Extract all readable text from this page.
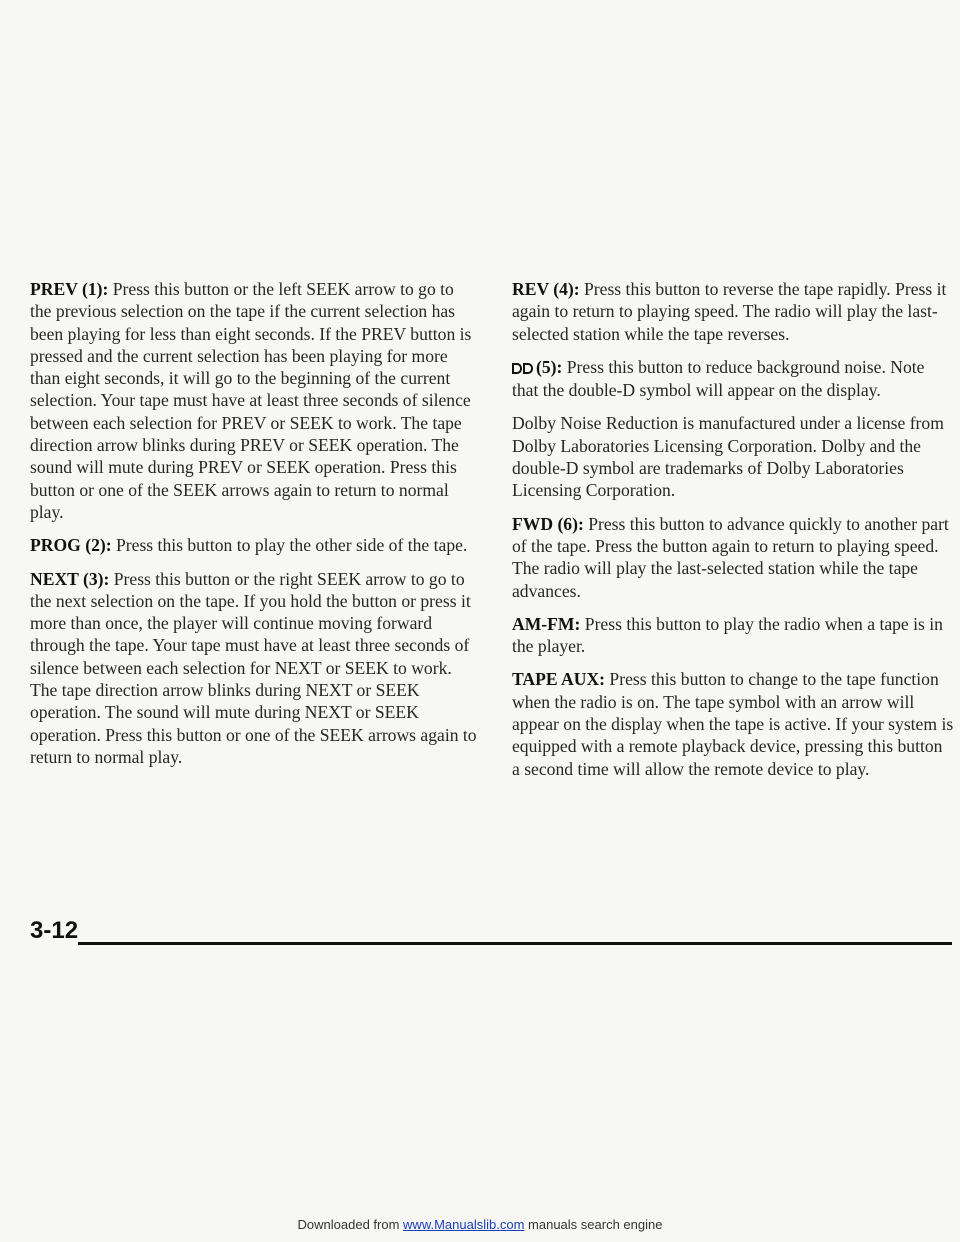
PREV (1): Press this button or the left SEEK arrow to go to the previous selection on the tape if the current selection has been playing for less than eight seconds. If the PREV button is pressed and the current selection has been playing for more than eight seconds, it will go to the beginning of the current selection. Your tape must have at least three seconds of silence between each selection for PREV or SEEK to work. The tape direction arrow blinks during PREV or SEEK operation. The sound will mute during PREV or SEEK operation. Press this button or one of the SEEK arrows again to return to normal play.

PROG (2): Press this button to play the other side of the tape.

NEXT (3): Press this button or the right SEEK arrow to go to the next selection on the tape. If you hold the button or press it more than once, the player will continue moving forward through the tape. Your tape must have at least three seconds of silence between each selection for NEXT or SEEK to work. The tape direction arrow blinks during NEXT or SEEK operation. The sound will mute during NEXT or SEEK operation. Press this button or one of the SEEK arrows again to return to normal play.

REV (4): Press this button to reverse the tape rapidly. Press it again to return to playing speed. The radio will play the last-selected station while the tape reverses.

(5): Press this button to reduce background noise. Note that the double-D symbol will appear on the display.

Dolby Noise Reduction is manufactured under a license from Dolby Laboratories Licensing Corporation. Dolby and the double-D symbol are trademarks of Dolby Laboratories Licensing Corporation.

FWD (6): Press this button to advance quickly to another part of the tape. Press the button again to return to playing speed. The radio will play the last-selected station while the tape advances.

AM-FM: Press this button to play the radio when a tape is in the player.

TAPE AUX: Press this button to change to the tape function when the radio is on. The tape symbol with an arrow will appear on the display when the tape is active. If your system is equipped with a remote playback device, pressing this button a second time will allow the remote device to play.

3-12
Downloaded from www.Manualslib.com manuals search engine
